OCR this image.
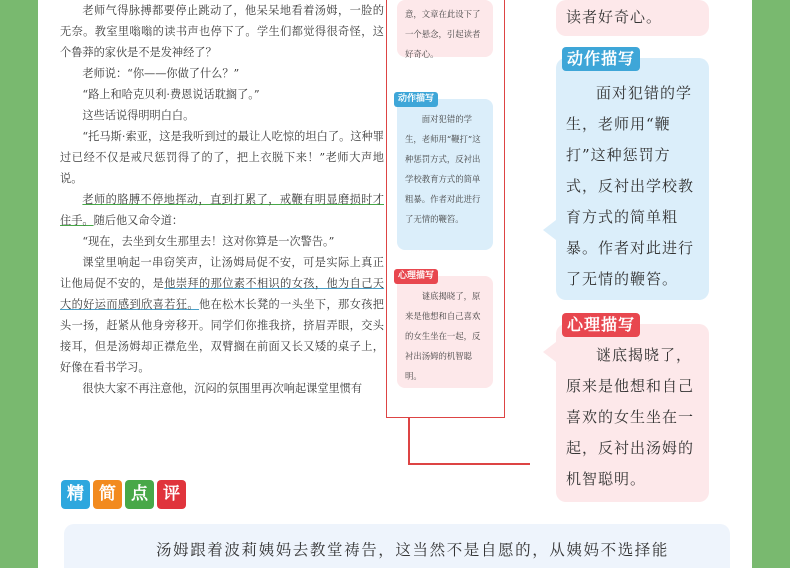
老师气得脉搏都要停止跳动了，他呆呆地看着汤姆，一脸的无奈。教室里嗡嗡的读书声也停下了。学生们都觉得很奇怪，这个鲁莽的家伙是不是发神经了？

老师说：“你——你做了什么？”

“路上和哈克贝利·费恩说话耽搁了。”

这些话说得明明白白。

“托马斯·索亚，这是我听到过的最让人吃惊的坦白了。这种罪过已经不仅是戒尺惩罚得了的了，把上衣脱下来！”老师大声地说。

老师的胳膊不停地挥动，直到打累了，戒鞭有明显磨损时才住手。随后他又命令道：

“现在，去坐到女生那里去！这对你算是一次警告。”

课堂里响起一串窃笑声，让汤姆局促不安，可是实际上真正让他局促不安的，是他崇拜的那位素不相识的女孩，他为自己天大的好运而感到欣喜若狂。他在松木长凳的一头坐下，那女孩把头一扬，赶紧从他身旁移开。同学们你推我挤，挤眉弄眼，交头接耳，但是汤姆却正襟危坐，双臂搁在前面又长又矮的桌子上，好像在看书学习。

很快大家不再注意他，沉闷的氛围里再次响起课堂里惯有

意，文章在此设下了一个悬念，引起读者好奇心。

动作描写

面对犯错的学生，老师用“鞭打”这种惩罚方式，反衬出学校教育方式的简单粗暴。作者对此进行了无情的鞭笞。

心理描写

谜底揭晓了，原来是他想和自己喜欢的女生坐在一起，反衬出汤姆的机智聪明。

读者好奇心。

动作描写

面对犯错的学生，老师用“鞭打”这种惩罚方式，反衬出学校教育方式的简单粗暴。作者对此进行了无情的鞭笞。

心理描写

谜底揭晓了，原来是他想和自己喜欢的女生坐在一起，反衬出汤姆的机智聪明。

精 简 点 评
汤姆跟着波莉姨妈去教堂祷告，这当然不是自愿的，从姨妈不选择能
